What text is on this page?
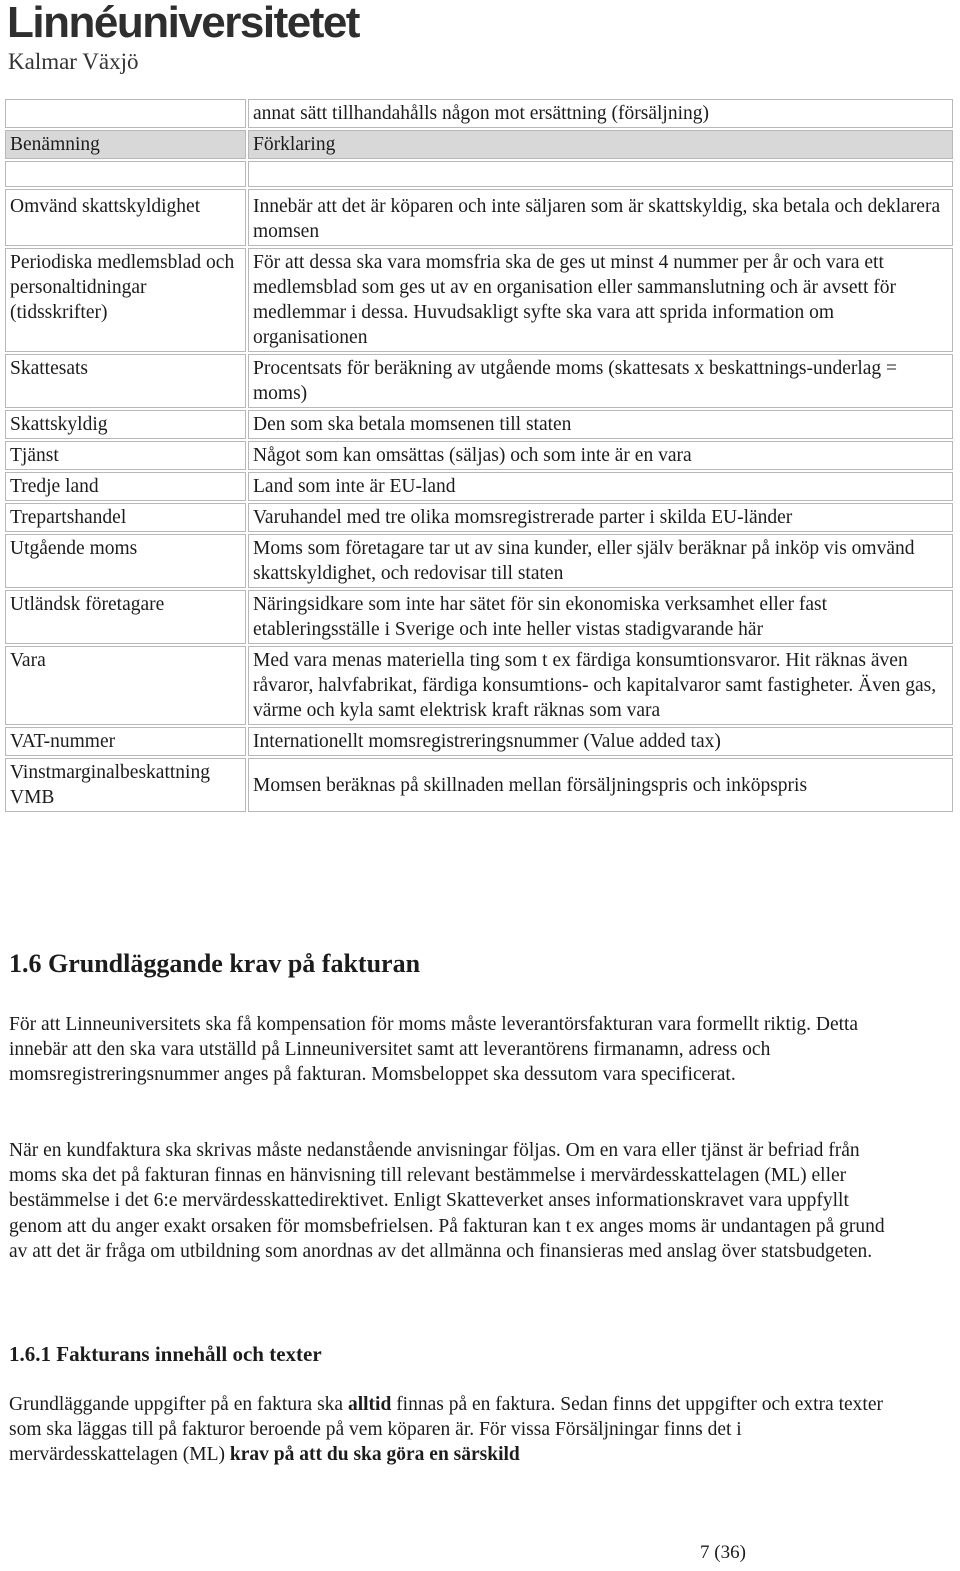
Linnéuniversitetet
Kalmar Växjö
	annat sätt tillhandahålls någon mot ersättning (försäljning)
Benämning	Förklaring

Omvänd skattskyldighet	Innebär att det är köparen och inte säljaren som är skattskyldig, ska betala och deklarera momsen
Periodiska medlemsblad och personaltidningar (tidsskrifter)	För att dessa ska vara momsfria ska de ges ut minst 4 nummer per år och vara ett medlemsblad som ges ut av en organisation eller sammanslutning och är avsett för medlemmar i dessa. Huvudsakligt syfte ska vara att sprida information om organisationen
Skattesats	Procentsats för beräkning av utgående moms (skattesats x beskattnings-underlag = moms)
Skattskyldig	Den som ska betala momsenen till staten
Tjänst	Något som kan omsättas (säljas) och som inte är en vara
Tredje land	Land som inte är EU-land
Trepartshandel	Varuhandel med tre olika momsregistrerade parter i skilda EU-länder
Utgående moms	Moms som företagare tar ut av sina kunder, eller själv beräknar på inköp vis omvänd skattskyldighet, och redovisar till staten
Utländsk företagare	Näringsidkare som inte har sätet för sin ekonomiska verksamhet eller fast etableringsställe i Sverige och inte heller vistas stadigvarande här
Vara	Med vara menas materiella ting som t ex färdiga konsumtionsvaror. Hit räknas även råvaror, halvfabrikat, färdiga konsumtions- och kapitalvaror samt fastigheter. Även gas, värme och kyla samt elektrisk kraft räknas som vara
VAT-nummer	Internationellt momsregistreringsnummer (Value added tax)
Vinstmarginalbeskattning VMB	Momsen beräknas på skillnaden mellan försäljningspris och inköpspris
1.6 Grundläggande krav på fakturan

För att Linneuniversitets ska få kompensation för moms måste leverantörsfakturan vara formellt riktig. Detta innebär att den ska vara utställd på Linneuniversitet samt att leverantörens firmanamn, adress och momsregistreringsnummer anges på fakturan. Momsbeloppet ska dessutom vara specificerat.

När en kundfaktura ska skrivas måste nedanstående anvisningar följas. Om en vara eller tjänst är befriad från moms ska det på fakturan finnas en hänvisning till relevant bestämmelse i mervärdesskattelagen (ML) eller bestämmelse i det 6:e mervärdesskattedirektivet. Enligt Skatteverket anses informationskravet vara uppfyllt genom att du anger exakt orsaken för momsbefrielsen. På fakturan kan t ex anges moms är undantagen på grund av att det är fråga om utbildning som anordnas av det allmänna och finansieras med anslag över statsbudgeten.

1.6.1 Fakturans innehåll och texter

Grundläggande uppgifter på en faktura ska alltid finnas på en faktura. Sedan finns det uppgifter och extra texter som ska läggas till på fakturor beroende på vem köparen är. För vissa Försäljningar finns det i mervärdesskattelagen (ML) krav på att du ska göra en särskild

7 (36)
